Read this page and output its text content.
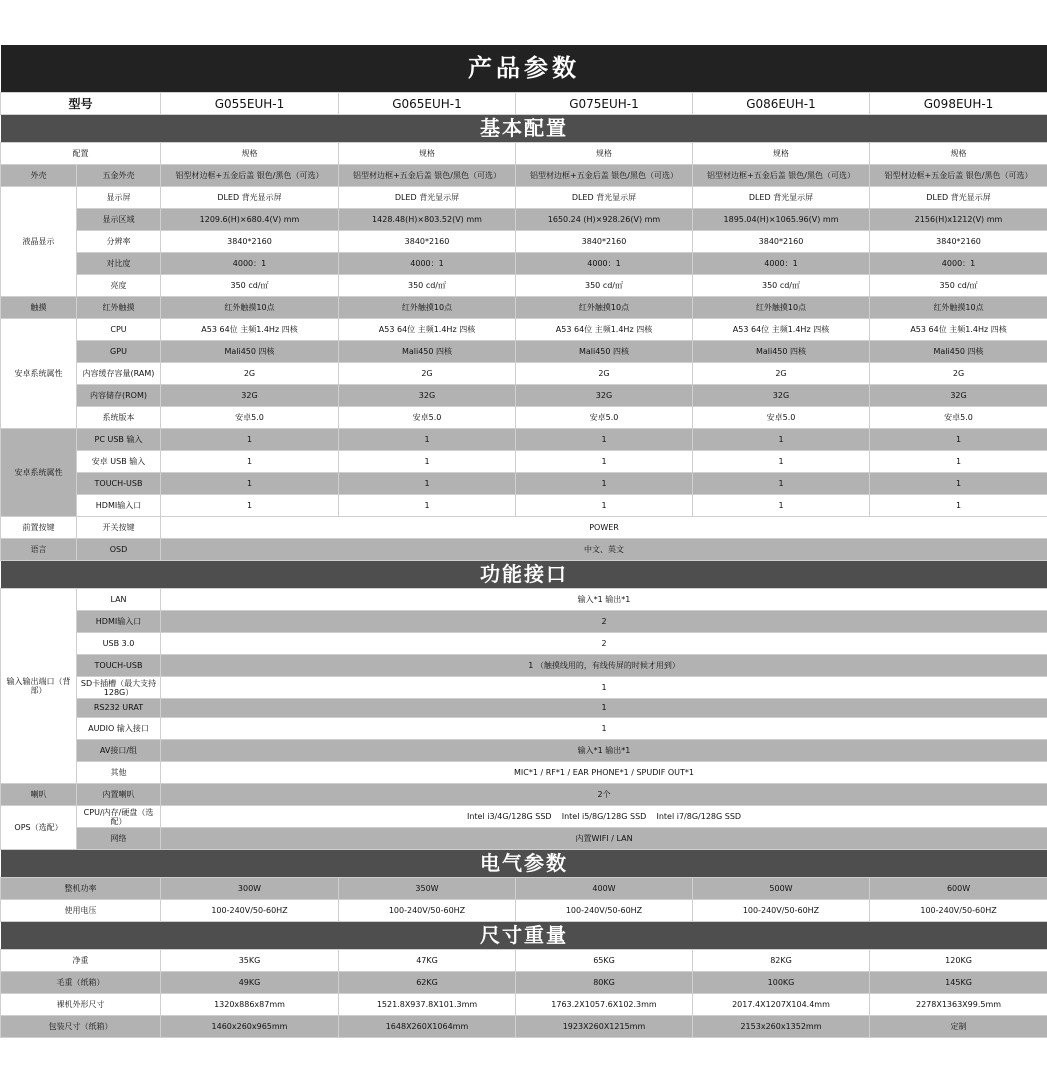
产品参数						
型号		G055EUH-1	G065EUH-1	G075EUH-1	G086EUH-1	G098EUH-1
基本配置						
配置		规格	规格	规格	规格	规格
外壳	五金外壳	铝型材边框+五金后盖 银色/黑色（可选）	铝型材边框+五金后盖 银色/黑色（可选）	铝型材边框+五金后盖 银色/黑色（可选）	铝型材边框+五金后盖 银色/黑色（可选）	铝型材边框+五金后盖 银色/黑色（可选）
液晶显示	显示屏	DLED 背光显示屏	DLED 背光显示屏	DLED 背光显示屏	DLED 背光显示屏	DLED 背光显示屏
	显示区域	1209.6(H)×680.4(V) mm	1428.48(H)×803.52(V) mm	1650.24 (H)×928.26(V) mm	1895.04(H)×1065.96(V) mm	2156(H)x1212(V) mm
	分辨率	3840*2160	3840*2160	3840*2160	3840*2160	3840*2160
	对比度	4000：1	4000：1	4000：1	4000：1	4000：1
	亮度	350 cd/㎡	350 cd/㎡	350 cd/㎡	350 cd/㎡	350 cd/㎡
触摸	红外触摸	红外触摸10点	红外触摸10点	红外触摸10点	红外触摸10点	红外触摸10点
安卓系统属性	CPU	A53 64位 主频1.4Hz 四核	A53 64位 主频1.4Hz 四核	A53 64位 主频1.4Hz 四核	A53 64位 主频1.4Hz 四核	A53 64位 主频1.4Hz 四核
	GPU	Mali450 四核	Mali450 四核	Mali450 四核	Mali450 四核	Mali450 四核
	内容缓存容量(RAM)	2G	2G	2G	2G	2G
	内容储存(ROM)	32G	32G	32G	32G	32G
	系统版本	安卓5.0	安卓5.0	安卓5.0	安卓5.0	安卓5.0
安卓系统属性	PC USB 输入	1	1	1	1	1
	安卓 USB 输入	1	1	1	1	1
	TOUCH-USB	1	1	1	1	1
	HDMI输入口	1	1	1	1	1
前置按键	开关按键	POWER				
语言	OSD	中文、英文				
功能接口						
输入输出端口（背部）	LAN	输入*1 输出*1				
	HDMI输入口	2				
	USB 3.0	2				
	TOUCH-USB	1 （触摸线用的，有线传屏的时候才用到）				
	SD卡插槽（最大支持128G）	1				
	RS232 URAT	1				
	AUDIO 输入接口	1				
	AV接口/组	输入*1 输出*1				
	其他	MIC*1 / RF*1 / EAR PHONE*1 / SPUDIF OUT*1				
喇叭	内置喇叭	2个				
OPS（选配）	CPU/内存/硬盘（选配）	Intel i3/4G/128G SSD    Intel i5/8G/128G SSD    Intel i7/8G/128G SSD				
	网络	内置WIFI / LAN				
电气参数						
整机功率		300W	350W	400W	500W	600W
使用电压		100-240V/50-60HZ	100-240V/50-60HZ	100-240V/50-60HZ	100-240V/50-60HZ	100-240V/50-60HZ
尺寸重量						
净重		35KG	47KG	65KG	82KG	120KG
毛重（纸箱）		49KG	62KG	80KG	100KG	145KG
裸机外形尺寸		1320x886x87mm	1521.8X937.8X101.3mm	1763.2X1057.6X102.3mm	2017.4X1207X104.4mm	2278X1363X99.5mm
包装尺寸（纸箱）		1460x260x965mm	1648X260X1064mm	1923X260X1215mm	2153x260x1352mm	定制
